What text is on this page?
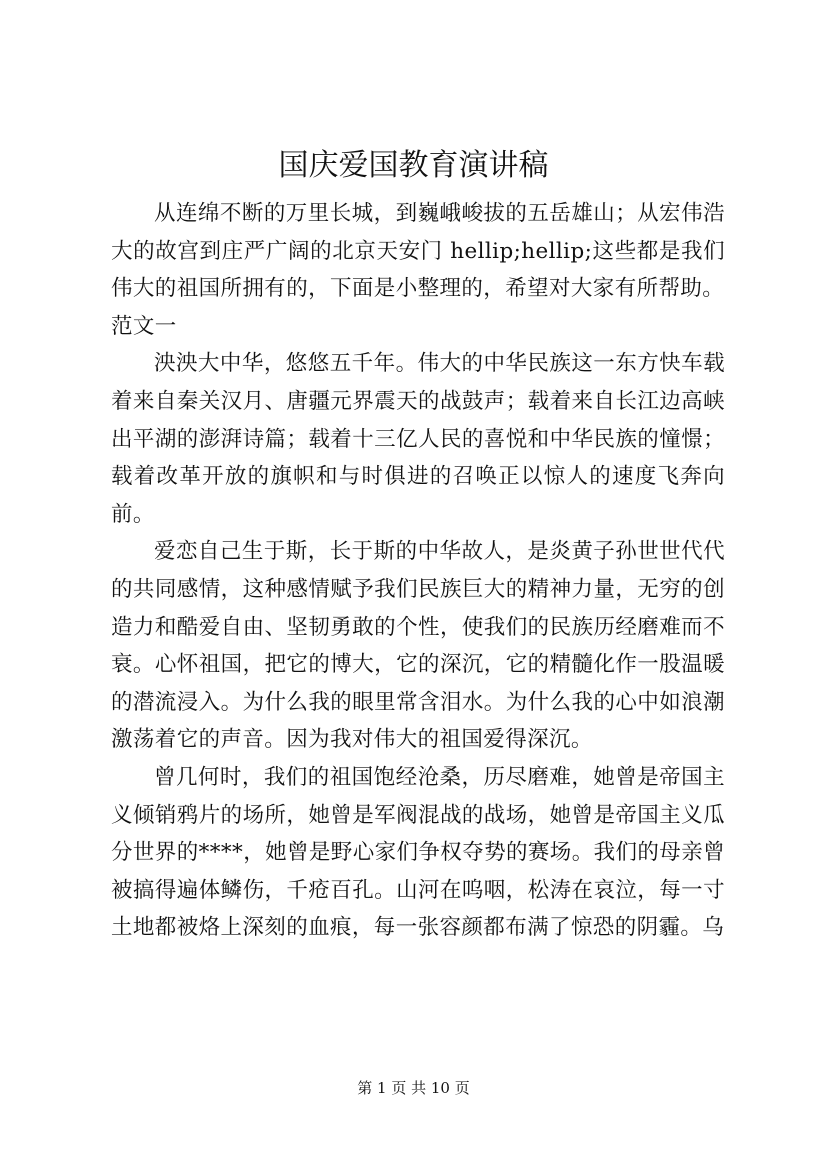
国庆爱国教育演讲稿

从连绵不断的万里长城，到巍峨峻拔的五岳雄山；从宏伟浩大的故宫到庄严广阔的北京天安门 hellip;hellip;这些都是我们伟大的祖国所拥有的，下面是小整理的，希望对大家有所帮助。

范文一

泱泱大中华，悠悠五千年。伟大的中华民族这一东方快车载着来自秦关汉月、唐疆元界震天的战鼓声；载着来自长江边高峡出平湖的澎湃诗篇；载着十三亿人民的喜悦和中华民族的憧憬；载着改革开放的旗帜和与时俱进的召唤正以惊人的速度飞奔向前。

爱恋自己生于斯，长于斯的中华故人，是炎黄子孙世世代代的共同感情，这种感情赋予我们民族巨大的精神力量，无穷的创造力和酷爱自由、坚韧勇敢的个性，使我们的民族历经磨难而不衰。心怀祖国，把它的博大，它的深沉，它的精髓化作一股温暖的潜流浸入。为什么我的眼里常含泪水。为什么我的心中如浪潮激荡着它的声音。因为我对伟大的祖国爱得深沉。

曾几何时，我们的祖国饱经沧桑，历尽磨难，她曾是帝国主义倾销鸦片的场所，她曾是军阀混战的战场，她曾是帝国主义瓜分世界的****，她曾是野心家们争权夺势的赛场。我们的母亲曾被搞得遍体鳞伤，千疮百孔。山河在呜咽，松涛在哀泣，每一寸土地都被烙上深刻的血痕，每一张容颜都布满了惊恐的阴霾。乌

第 1 页 共 10 页
